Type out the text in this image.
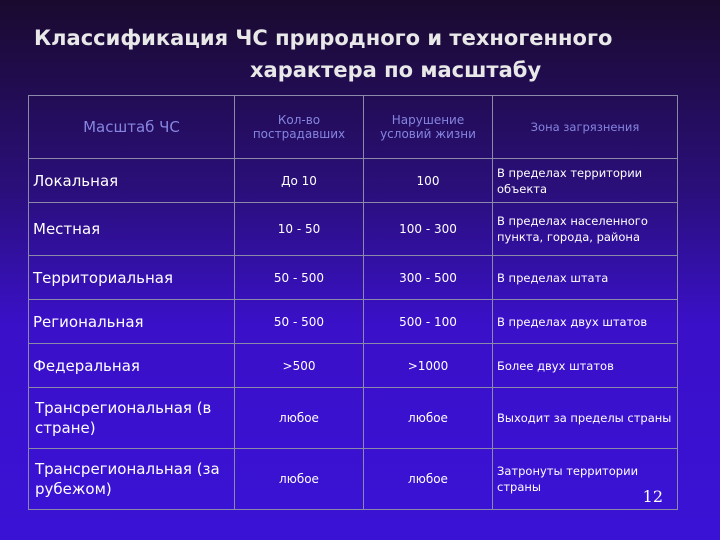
Классификация ЧС природного и техногенного
характера по масштабу
Масштаб ЧС	Кол-во пострадавших	Нарушение условий жизни	Зона загрязнения
Локальная	До 10	100	В пределах территории объекта
Местная	10 - 50	100 - 300	В пределах населенного пункта, города, района
Территориальная	50 - 500	300 - 500	В пределах штата
Региональная	50 - 500	500 - 100	В пределах двух штатов
Федеральная	>500	>1000	Более двух штатов
Трансрегиональная (в стране)	любое	любое	Выходит за пределы страны
Трансрегиональная (за рубежом)	любое	любое	Затронуты территории страны 12
